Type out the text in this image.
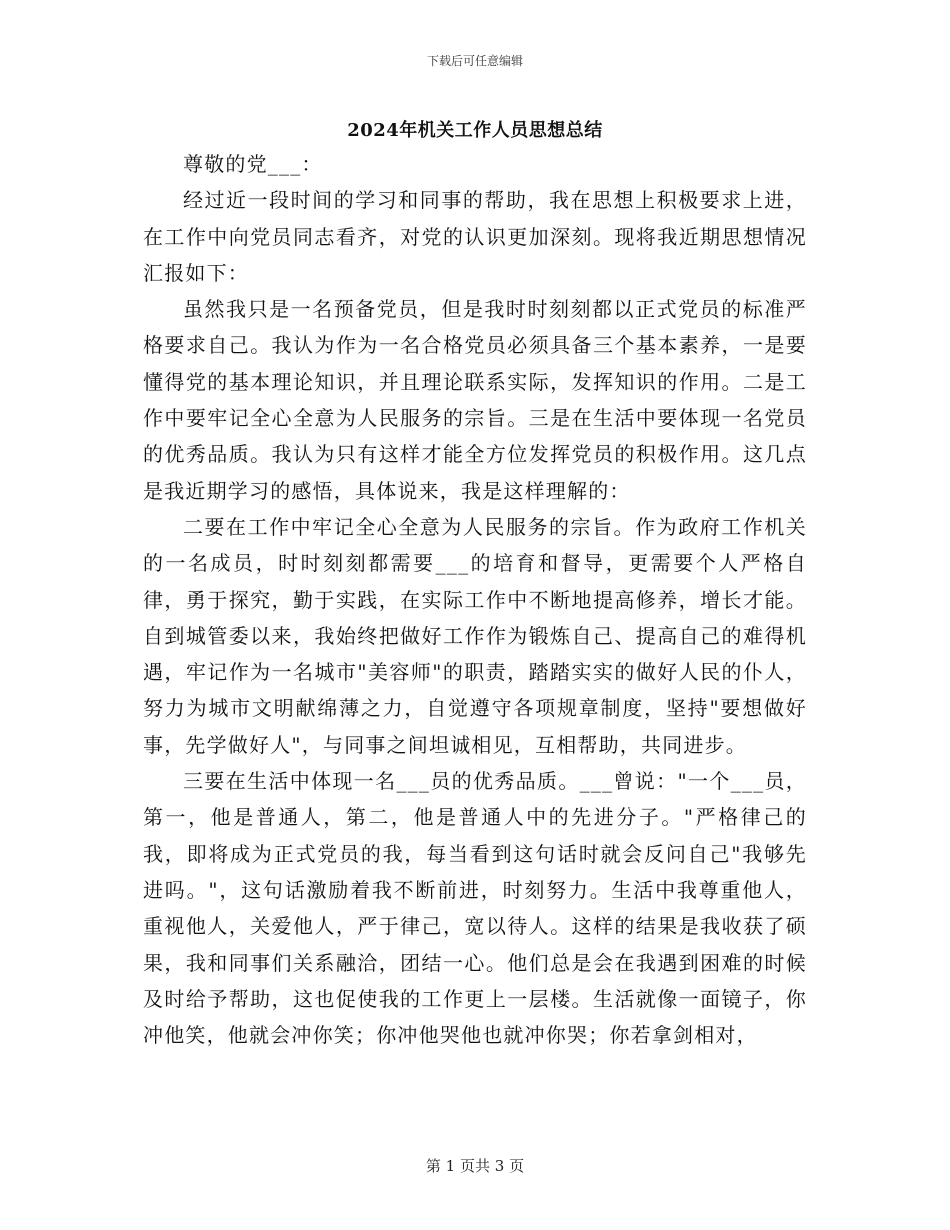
下载后可任意编辑
2024年机关工作人员思想总结

尊敬的党___：

经过近一段时间的学习和同事的帮助，我在思想上积极要求上进，在工作中向党员同志看齐，对党的认识更加深刻。现将我近期思想情况汇报如下：

虽然我只是一名预备党员，但是我时时刻刻都以正式党员的标准严格要求自己。我认为作为一名合格党员必须具备三个基本素养，一是要懂得党的基本理论知识，并且理论联系实际，发挥知识的作用。二是工作中要牢记全心全意为人民服务的宗旨。三是在生活中要体现一名党员的优秀品质。我认为只有这样才能全方位发挥党员的积极作用。这几点是我近期学习的感悟，具体说来，我是这样理解的：

二要在工作中牢记全心全意为人民服务的宗旨。作为政府工作机关的一名成员，时时刻刻都需要___的培育和督导，更需要个人严格自律，勇于探究，勤于实践，在实际工作中不断地提高修养，增长才能。自到城管委以来，我始终把做好工作作为锻炼自己、提高自己的难得机遇，牢记作为一名城市"美容师"的职责，踏踏实实的做好人民的仆人，努力为城市文明献绵薄之力，自觉遵守各项规章制度，坚持"要想做好事，先学做好人"，与同事之间坦诚相见，互相帮助，共同进步。

三要在生活中体现一名___员的优秀品质。___曾说："一个___员，第一，他是普通人，第二，他是普通人中的先进分子。"严格律己的我，即将成为正式党员的我，每当看到这句话时就会反问自己"我够先进吗。"，这句话激励着我不断前进，时刻努力。生活中我尊重他人，重视他人，关爱他人，严于律己，宽以待人。这样的结果是我收获了硕果，我和同事们关系融洽，团结一心。他们总是会在我遇到困难的时候及时给予帮助，这也促使我的工作更上一层楼。生活就像一面镜子，你冲他笑，他就会冲你笑；你冲他哭他也就冲你哭；你若拿剑相对，

第 1 页共 3 页
